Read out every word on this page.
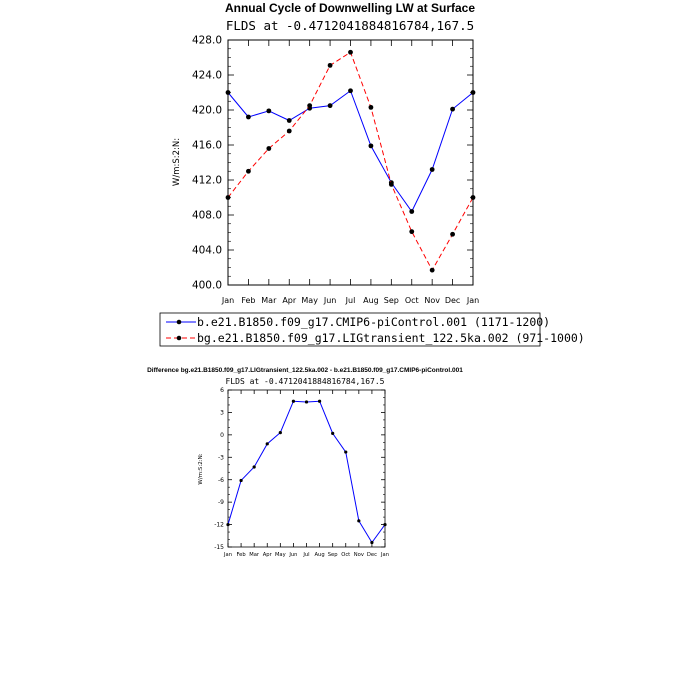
Annual Cycle of Downwelling LW at Surface
FLDS at -0.4712041884816784,167.5
W/m:S:2:N:
400.0
404.0
408.0
412.0
416.0
420.0
424.0
428.0
Jan Feb Mar Apr May Jun Jul Aug Sep Oct Nov Dec Jan
b.e21.B1850.f09_g17.CMIP6-piControl.001 (1171-1200)
bg.e21.B1850.f09_g17.LIGtransient_122.5ka.002 (971-1000)
Difference bg.e21.B1850.f09_g17.LIGtransient_122.5ka.002 - b.e21.B1850.f09_g17.CMIP6-piControl.001
FLDS at -0.4712041884816784,167.5
W/m:S:2:N:
-15
-12
-9
-6
-3
0
3
6
Jan Feb Mar Apr May Jun Jul Aug Sep Oct Nov Dec Jan
